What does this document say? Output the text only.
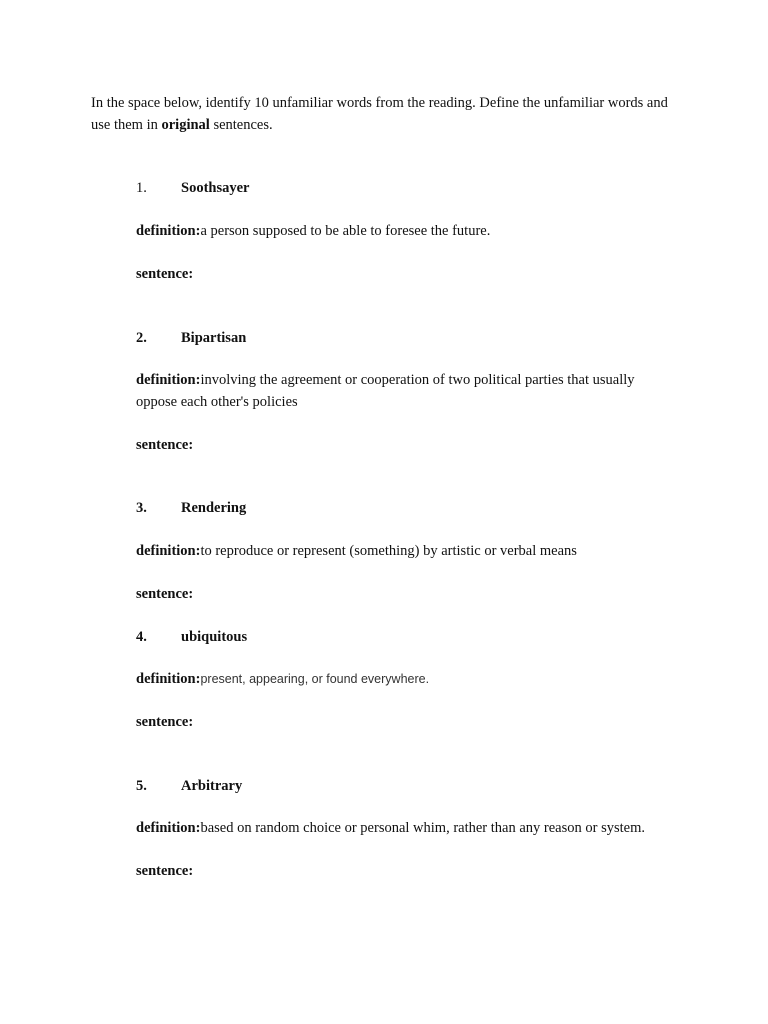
In the space below, identify 10 unfamiliar words from the reading. Define the unfamiliar words and use them in original sentences.
1. Soothsayer
definition:a person supposed to be able to foresee the future.
sentence:
2. Bipartisan
definition:involving the agreement or cooperation of two political parties that usually oppose each other's policies
sentence:
3. Rendering
definition:to reproduce or represent (something) by artistic or verbal means
sentence:
4. ubiquitous
definition:present, appearing, or found everywhere.
sentence:
5. Arbitrary
definition:based on random choice or personal whim, rather than any reason or system.
sentence:
